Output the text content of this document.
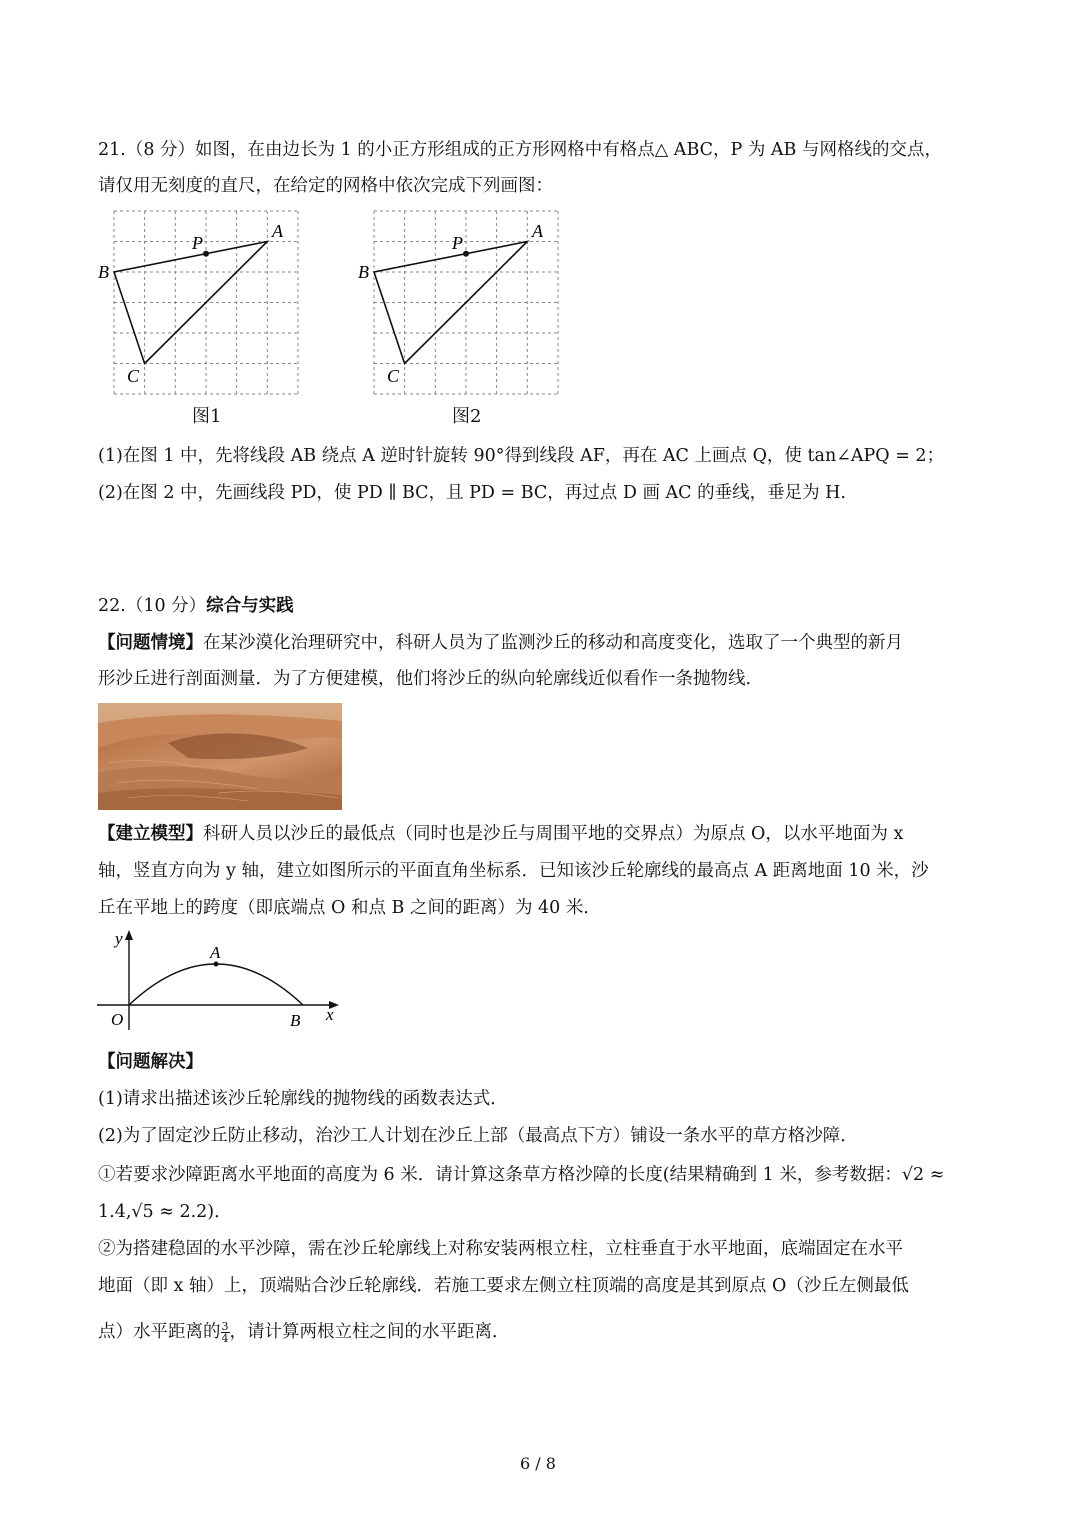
21.（8 分）如图，在由边长为 1 的小正方形组成的正方形网格中有格点△ ABC，P 为 AB 与网格线的交点，
请仅用无刻度的直尺，在给定的网格中依次完成下列画图：
A
B
C
P
图1
A
B
C
P
图2
(1)在图 1 中，先将线段 AB 绕点 A 逆时针旋转 90°得到线段 AF，再在 AC 上画点 Q，使 tan∠APQ = 2；
(2)在图 2 中，先画线段 PD，使 PD ∥ BC，且 PD = BC，再过点 D 画 AC 的垂线，垂足为 H.
22.（10 分）综合与实践
【问题情境】在某沙漠化治理研究中，科研人员为了监测沙丘的移动和高度变化，选取了一个典型的新月
形沙丘进行剖面测量．为了方便建模，他们将沙丘的纵向轮廓线近似看作一条抛物线．
【建立模型】科研人员以沙丘的最低点（同时也是沙丘与周围平地的交界点）为原点 O，以水平地面为 x
轴，竖直方向为 y 轴，建立如图所示的平面直角坐标系．已知该沙丘轮廓线的最高点 A 距离地面 10 米，沙
丘在平地上的跨度（即底端点 O 和点 B 之间的距离）为 40 米．
y
x
O
A
B
【问题解决】
(1)请求出描述该沙丘轮廓线的抛物线的函数表达式．
(2)为了固定沙丘防止移动，治沙工人计划在沙丘上部（最高点下方）铺设一条水平的草方格沙障．
①若要求沙障距离水平地面的高度为 6 米．请计算这条草方格沙障的长度(结果精确到 1 米，参考数据：√2 ≈
1.4,√5 ≈ 2.2)．
②为搭建稳固的水平沙障，需在沙丘轮廓线上对称安装两根立柱，立柱垂直于水平地面，底端固定在水平
地面（即 x 轴）上，顶端贴合沙丘轮廓线．若施工要求左侧立柱顶端的高度是其到原点 O（沙丘左侧最低
点）水平距离的 $\frac{3}{4}$ ，请计算两根立柱之间的水平距离．
6 / 8
